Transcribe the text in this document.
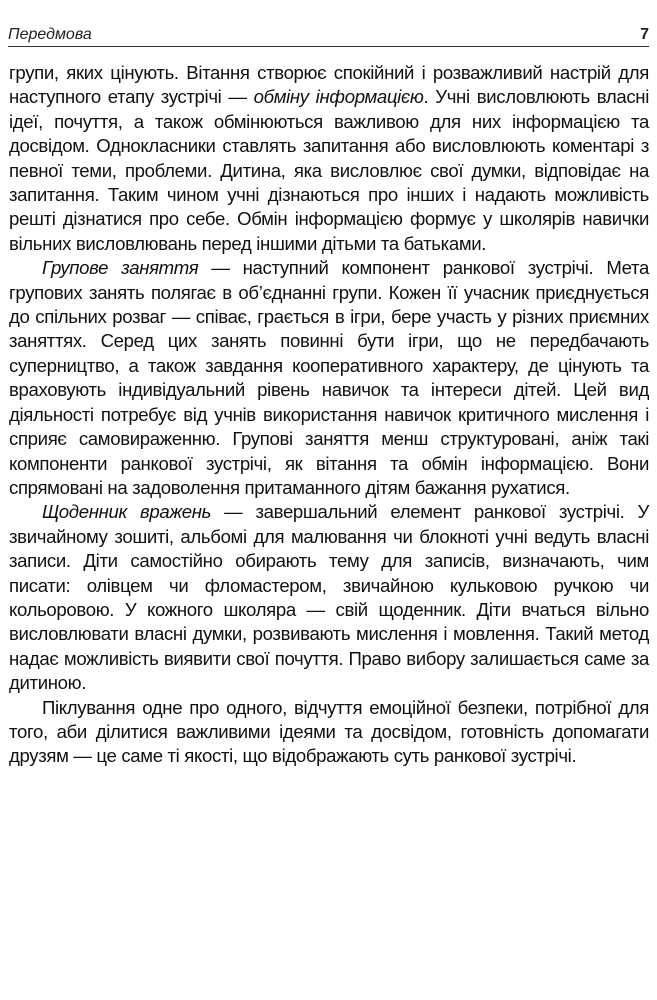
Передмова	7

групи, яких цінують. Вітання створює спокійний і розважливий настрій для наступного етапу зустрічі — обміну інформацією. Учні висловлюють власні ідеї, почуття, а також обмінюються важливою для них інформацією та досвідом. Однокласники ставлять запитання або висловлюють коментарі з певної теми, проблеми. Дитина, яка висловлює свої думки, відповідає на запитання. Таким чином учні дізнаються про інших і надають можливість решті дізнатися про себе. Обмін інформацією формує у школярів навички вільних висловлювань перед іншими дітьми та батьками.

Групове заняття — наступний компонент ранкової зустрічі. Мета групових занять полягає в об’єднанні групи. Кожен її учасник приєднується до спільних розваг — співає, грається в ігри, бере участь у різних приємних заняттях. Серед цих занять повинні бути ігри, що не передбачають суперництво, а також завдання кооперативного характеру, де цінують та враховують індивідуальний рівень навичок та інтереси дітей. Цей вид діяльності потребує від учнів використання навичок критичного мислення і сприяє самовираженню. Групові заняття менш структуровані, аніж такі компоненти ранкової зустрічі, як вітання та обмін інформацією. Вони спрямовані на задоволення притаманного дітям бажання рухатися.

Щоденник вражень — завершальний елемент ранкової зустрічі. У звичайному зошиті, альбомі для малювання чи блокноті учні ведуть власні записи. Діти самостійно обирають тему для записів, визначають, чим писати: олівцем чи фломастером, звичайною кульковою ручкою чи кольоровою. У кожного школяра — свій щоденник. Діти вчаться вільно висловлювати власні думки, розвивають мислення і мовлення. Такий метод надає можливість виявити свої почуття. Право вибору залишається саме за дитиною.

Піклування одне про одного, відчуття емоційної безпеки, потрібної для того, аби ділитися важливими ідеями та досвідом, готовність допомагати друзям — це саме ті якості, що відображають суть ранкової зустрічі.
